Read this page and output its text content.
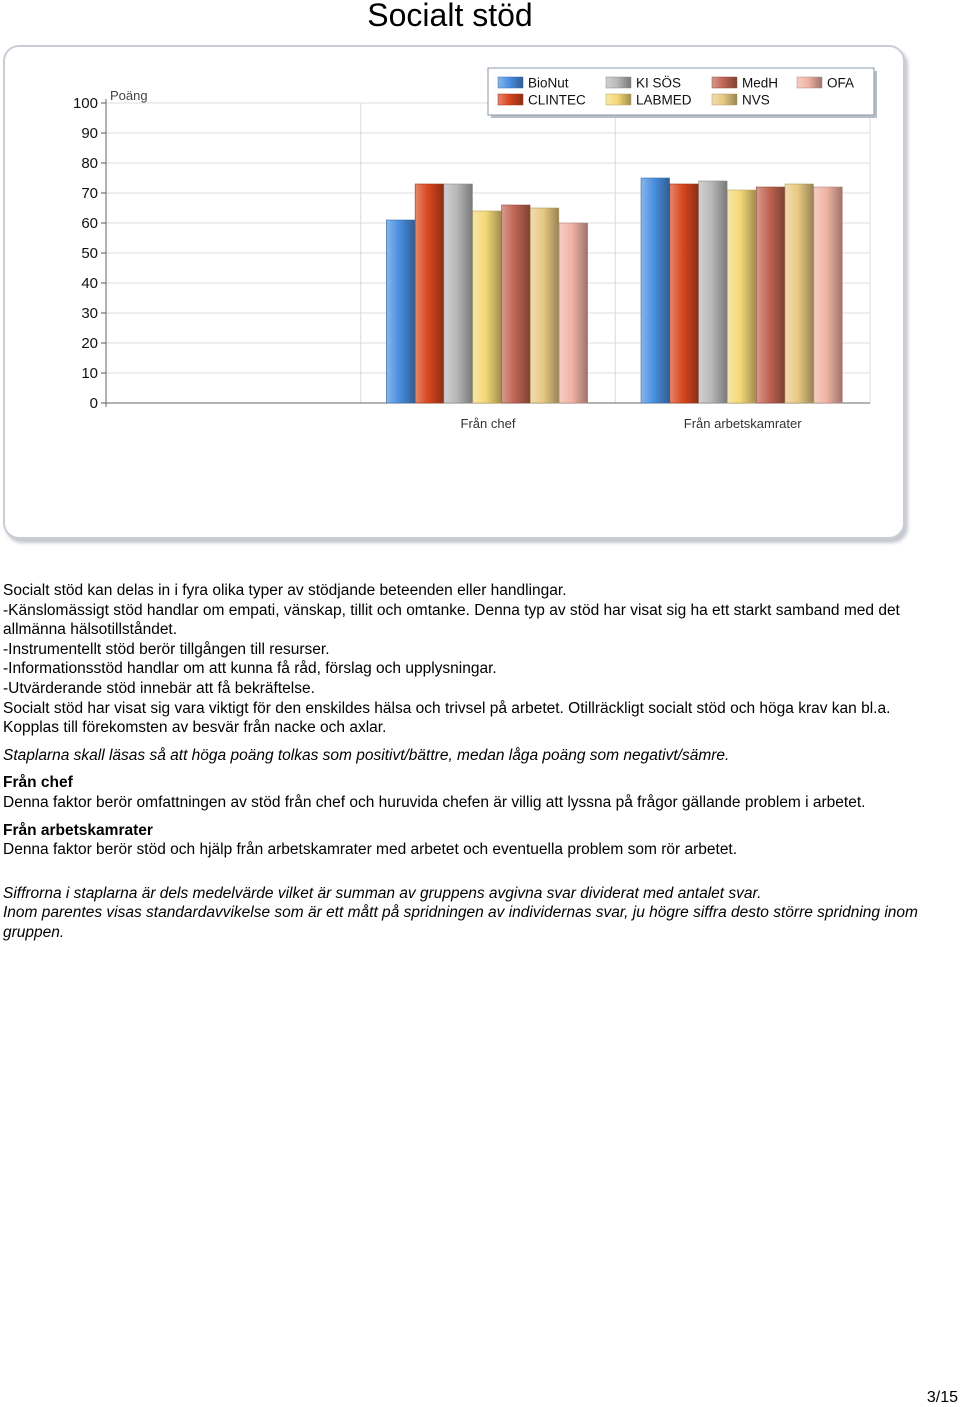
Socialt stöd
0
10
20
30
40
50
60
70
80
90
100 Poäng
Från chef	Från arbetskamrater
BioNut	KI SÖS	MedH	OFA
CLINTEC	LABMED	NVS

Socialt stöd kan delas in i fyra olika typer av stödjande beteenden eller handlingar.

-Känslomässigt stöd handlar om empati, vänskap, tillit och omtanke. Denna typ av stöd har visat sig ha ett starkt samband med det allmänna hälsotillståndet.

-Instrumentellt stöd berör tillgången till resurser.

-Informationsstöd handlar om att kunna få råd, förslag och upplysningar.

-Utvärderande stöd innebär att få bekräftelse.

Socialt stöd har visat sig vara viktigt för den enskildes hälsa och trivsel på arbetet. Otillräckligt socialt stöd och höga krav kan bl.a. Kopplas till förekomsten av besvär från nacke och axlar.

Staplarna skall läsas så att höga poäng tolkas som positivt/bättre, medan låga poäng som negativt/sämre.

Från chef

Denna faktor berör omfattningen av stöd från chef och huruvida chefen är villig att lyssna på frågor gällande problem i arbetet.

Från arbetskamrater

Denna faktor berör stöd och hjälp från arbetskamrater med arbetet och eventuella problem som rör arbetet.

Siffrorna i staplarna är dels medelvärde vilket är summan av gruppens avgivna svar dividerat med antalet svar.

Inom parentes visas standardavvikelse som är ett mått på spridningen av individernas svar, ju högre siffra desto större spridning inom gruppen.

3/15
